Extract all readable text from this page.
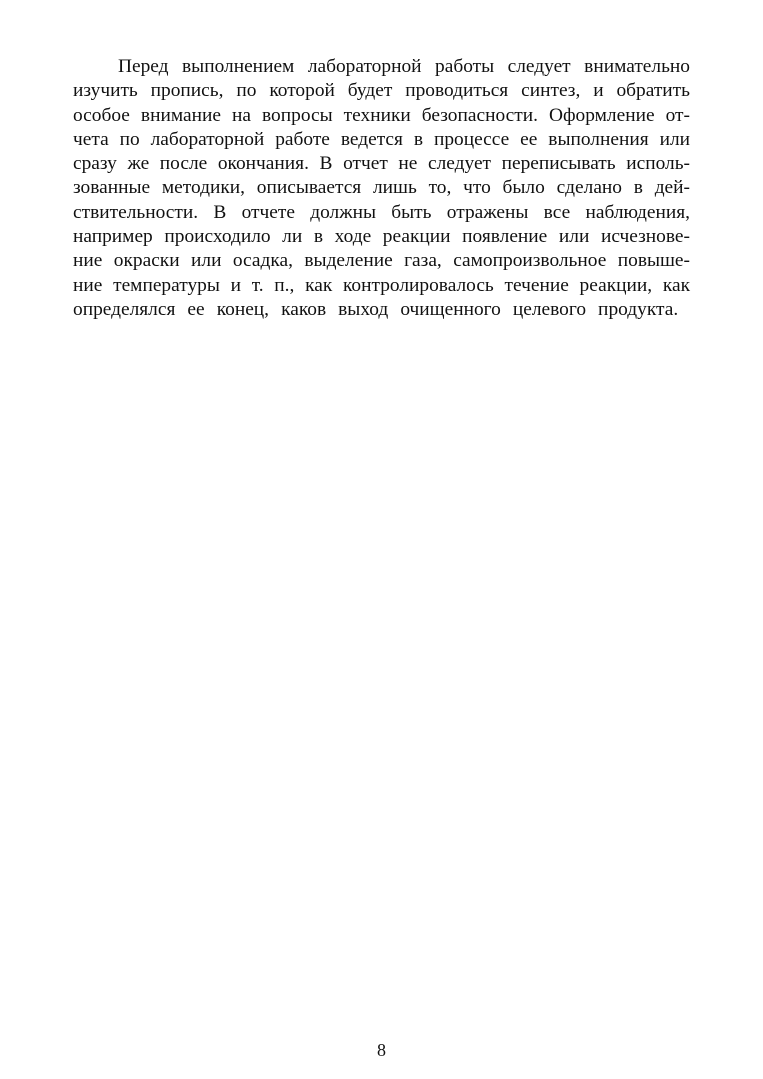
Перед выполнением лабораторной работы следует внимательно
изучить пропись, по которой будет проводиться синтез, и обратить
особое внимание на вопросы техники безопасности. Оформление от-
чета по лабораторной работе ведется в процессе ее выполнения или
сразу же после окончания. В отчет не следует переписывать исполь-
зованные методики, описывается лишь то, что было сделано в дей-
ствительности. В отчете должны быть отражены все наблюдения,
например происходило ли в ходе реакции появление или исчезнове-
ние окраски или осадка, выделение газа, самопроизвольное повыше-
ние температуры и т. п., как контролировалось течение реакции, как
определялся ее конец, каков выход очищенного целевого продукта.

8
